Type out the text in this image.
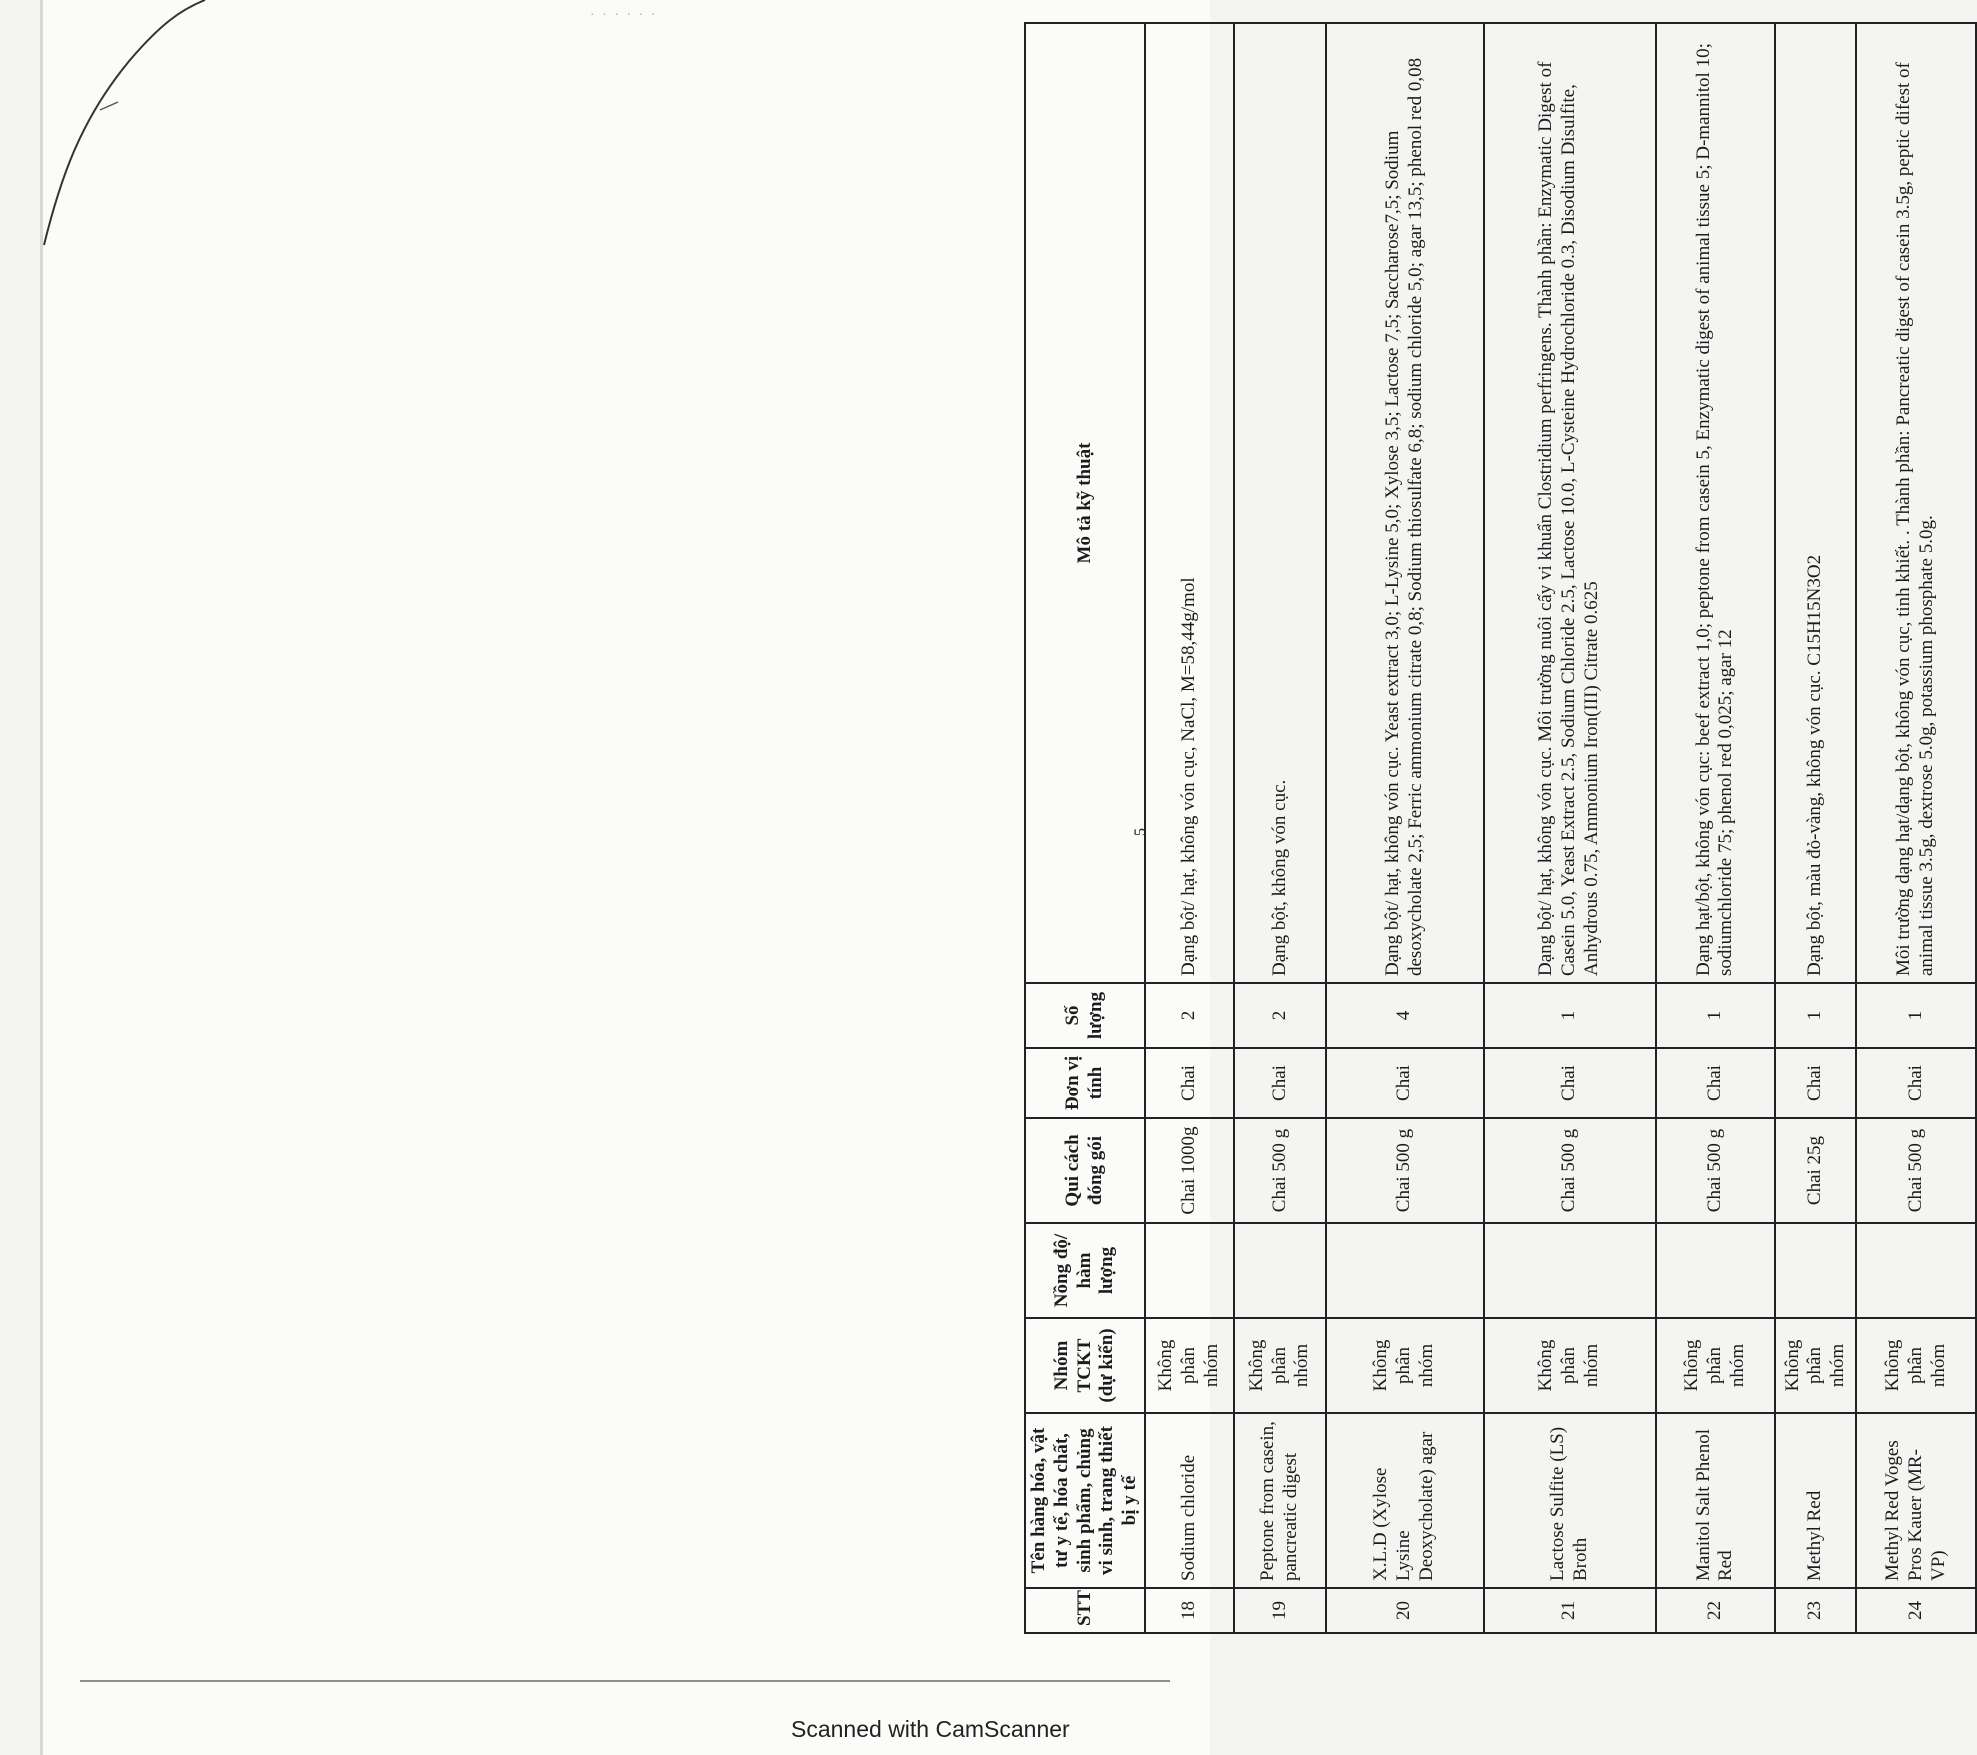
· · · · · ·
STT	Tên hàng hóa, vật tư y tế, hóa chất, sinh phẩm, chủng vi sinh, trang thiết bị y tế	Nhóm TCKT (dự kiến)	Nồng độ/ hàm lượng	Qui cách đóng gói	Đơn vị tính	Số lượng	Mô tả kỹ thuật
18	Sodium chloride	Không phân nhóm		Chai 1000g	Chai	2	Dạng bột/ hạt, không vón cục, NaCl, M=58,44g/mol
19	Peptone from casein, pancreatic digest	Không phân nhóm		Chai 500 g	Chai	2	Dạng bột, không vón cục.
20	X.L.D (Xylose Lysine Deoxycholate) agar	Không phân nhóm		Chai 500 g	Chai	4	Dạng bột/ hạt, không vón cục. Yeast extract 3,0; L-Lysine 5,0; Xylose 3,5; Lactose 7,5; Saccharose7,5; Sodium desoxycholate 2,5; Ferric ammonium citrate 0,8; Sodium thiosulfate 6,8; sodium chloride 5,0; agar 13,5; phenol red 0,08
21	Lactose Sulfite (LS) Broth	Không phân nhóm		Chai 500 g	Chai	1	Dạng bột/ hạt, không vón cục. Môi trường nuôi cấy vi khuẩn Clostridium perfringens. Thành phần: Enzymatic Digest of Casein 5.0, Yeast Extract 2.5, Sodium Chloride 2.5, Lactose 10.0, L-Cysteine Hydrochloride 0.3, Disodium Disulfite, Anhydrous 0.75, Ammonium Iron(III) Citrate 0.625
22	Manitol Salt Phenol Red	Không phân nhóm		Chai 500 g	Chai	1	Dạng hạt/bột, không vón cục: beef extract 1,0; peptone from casein 5, Enzymatic digest of animal tissue 5; D-mannitol 10; sodiumchloride 75; phenol red 0,025; agar 12
23	Methyl Red	Không phân nhóm		Chai 25g	Chai	1	Dạng bột, màu đỏ-vàng, không vón cục. C15H15N3O2
24	Methyl Red Voges Pros Kauer (MR-VP)	Không phân nhóm		Chai 500 g	Chai	1	Môi trường dạng hạt/dạng bột, không vón cục, tinh khiết. . Thành phần: Pancreatic digest of casein 3.5g, peptic difest of animal tissue 3.5g, dextrose 5.0g, potassium phosphate 5.0g.
5
Scanned with CamScanner
